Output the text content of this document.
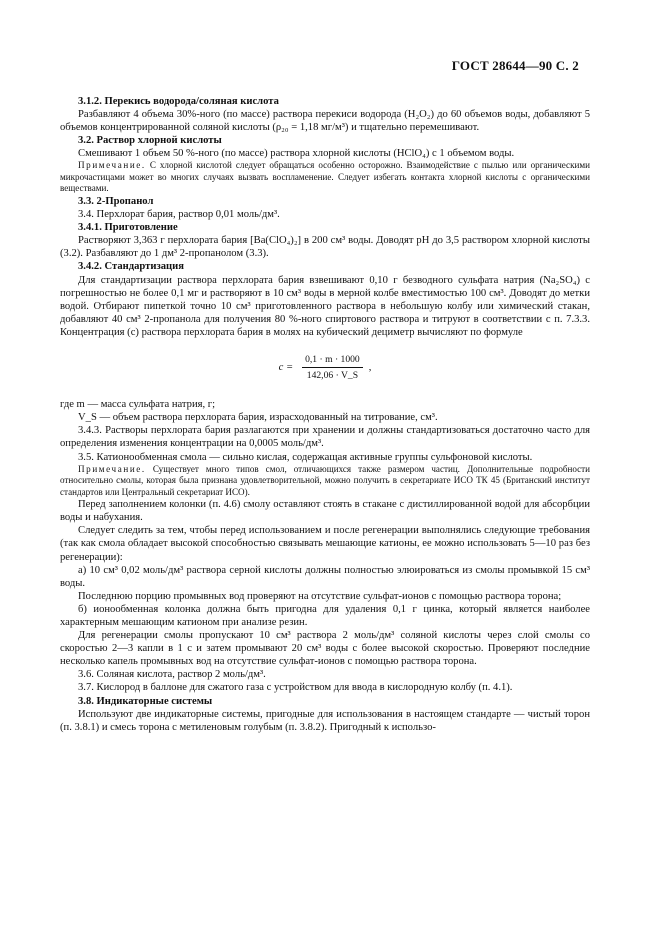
ГОСТ 28644—90 С. 2

3.1.2. Перекись водорода/соляная кислота

Разбавляют 4 объема 30%-ного (по массе) раствора перекиси водорода (H₂O₂) до 60 объемов воды, добавляют 5 объемов концентрированной соляной кислоты (ρ₂₀ = 1,18 мг/м³) и тщательно перемешивают.

3.2. Раствор хлорной кислоты

Смешивают 1 объем 50 %-ного (по массе) раствора хлорной кислоты (HClO₄) с 1 объемом воды.

Примечание. С хлорной кислотой следует обращаться особенно осторожно. Взаимодействие с пылью или органическими микрочастицами может во многих случаях вызвать воспламенение. Следует избегать контакта хлорной кислоты с органическими веществами.

3.3. 2-Пропанол

3.4. Перхлорат бария, раствор 0,01 моль/дм³.

3.4.1. Приготовление

Растворяют 3,363 г перхлората бария [Ba(ClO₄)₂] в 200 см³ воды. Доводят pH до 3,5 раствором хлорной кислоты (3.2). Разбавляют до 1 дм³ 2-пропанолом (3.3).

3.4.2. Стандартизация

Для стандартизации раствора перхлората бария взвешивают 0,10 г безводного сульфата натрия (Na₂SO₄) с погрешностью не более 0,1 мг и растворяют в 10 см³ воды в мерной колбе вместимостью 100 см³. Доводят до метки водой. Отбирают пипеткой точно 10 см³ приготовленного раствора в небольшую колбу или химический стакан, добавляют 40 см³ 2-пропанола для получения 80 %-ного спиртового раствора и титруют в соответствии с п. 7.3.3. Концентрация (c) раствора перхлората бария в молях на кубический дециметр вычисляют по формуле

$c = \frac{0,1 \cdot m \cdot 1000}{142,06 \cdot V\_S}$ ,

где m — масса сульфата натрия, г;

V_S — объем раствора перхлората бария, израсходованный на титрование, см³.

3.4.3. Растворы перхлората бария разлагаются при хранении и должны стандартизоваться достаточно часто для определения изменения концентрации на 0,0005 моль/дм³.

3.5. Катионообменная смола — сильно кислая, содержащая активные группы сульфоновой кислоты.

Примечание. Существует много типов смол, отличающихся также размером частиц. Дополнительные подробности относительно смолы, которая была признана удовлетворительной, можно получить в секретариате ИСО ТК 45 (Британский институт стандартов или Центральный секретариат ИСО).

Перед заполнением колонки (п. 4.6) смолу оставляют стоять в стакане с дистиллированной водой для абсорбции воды и набухания.

Следует следить за тем, чтобы перед использованием и после регенерации выполнялись следующие требования (так как смола обладает высокой способностью связывать мешающие катионы, ее можно использовать 5—10 раз без регенерации):

а) 10 см³ 0,02 моль/дм³ раствора серной кислоты должны полностью элюироваться из смолы промывкой 15 см³ воды.

Последнюю порцию промывных вод проверяют на отсутствие сульфат-ионов с помощью раствора торона;

б) ионообменная колонка должна быть пригодна для удаления 0,1 г цинка, который является наиболее характерным мешающим катионом при анализе резин.

Для регенерации смолы пропускают 10 см³ раствора 2 моль/дм³ соляной кислоты через слой смолы со скоростью 2—3 капли в 1 с и затем промывают 20 см³ воды с более высокой скоростью. Проверяют последние несколько капель промывных вод на отсутствие сульфат-ионов с помощью раствора торона.

3.6. Соляная кислота, раствор 2 моль/дм³.

3.7. Кислород в баллоне для сжатого газа с устройством для ввода в кислородную колбу (п. 4.1).

3.8. Индикаторные системы

Используют две индикаторные системы, пригодные для использования в настоящем стандарте — чистый торон (п. 3.8.1) и смесь торона с метиленовым голубым (п. 3.8.2). Пригодный к использо-
